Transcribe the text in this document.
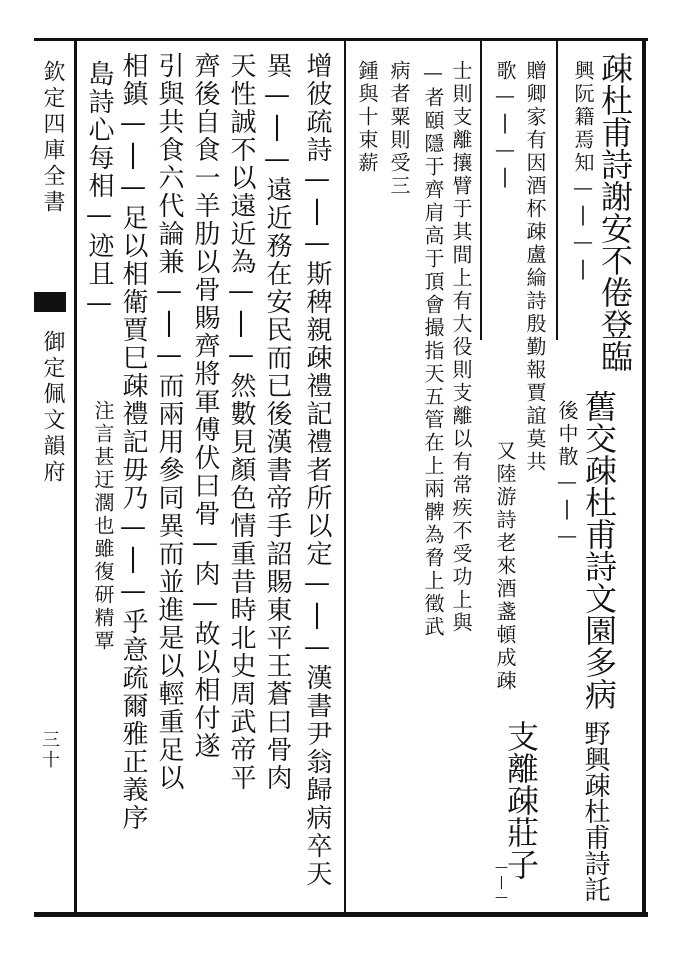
欽定四庫全書
御定佩文韻府
三十
疎杜甫詩謝安不倦登臨
興阮籍焉知—|—|
贈卿家有因酒杯疎盧綸詩殷勤報賈誼莫共
歌—|—|
士則支離攘臂于其間上有大役則支離以有常疾不受功上與
—者頤隱于齊肩高于頂會撮指天五管在上兩髀為脅上徵武
病者粟則受三
鍾與十束薪
增彼疏詩—|—斯稗親疎禮記禮者所以定—|—漢書尹翁歸病卒天
異—|—遠近務在安民而已後漢書帝手詔賜東平王蒼曰骨肉
天性誠不以遠近為—|—然數見顏色情重昔時北史周武帝平
齊後自食一羊肋以骨賜齊將軍傅伏曰骨—肉—故以相付遂
引與共食六代論兼—|—而兩用參同異而並進是以輕重足以
相鎮—|—足以相衛賈巳疎禮記毋乃—|—乎意疏爾雅正義序
島詩心每相—迹且—
注言甚迂濶也雖復研精覃	舊交疎杜甫詩文園多病
後中散—|—
野興疎杜甫詩託
又陸游詩老來酒盞頓成疎
支離疎莊子
—|—
